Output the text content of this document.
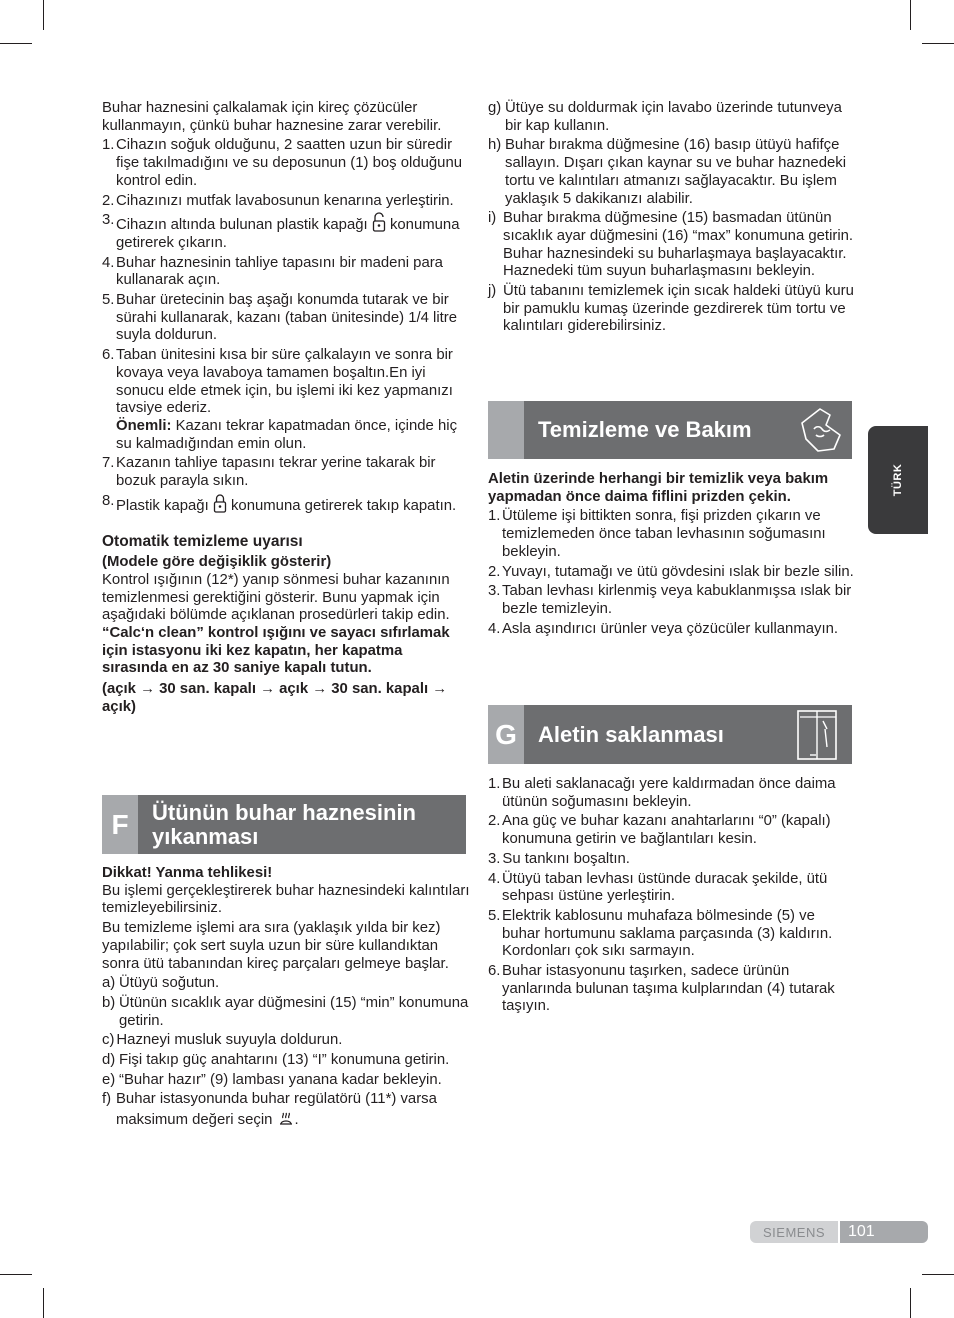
Buhar haznesini çalkalamak için kireç çözücüler kullanmayın, çünkü buhar haznesine zarar verebilir.

1. Cihazın soğuk olduğunu, 2 saatten uzun bir süredir fişe takılmadığını ve su deposunun (1) boş olduğunu kontrol edin.
2. Cihazınızı mutfak lavabosunun kenarına yerleştirin.
3. Cihazın altında bulunan plastik kapağı konumuna getirerek çıkarın.
4. Buhar haznesinin tahliye tapasını bir madeni para kullanarak açın.
5. Buhar üretecinin baş aşağı konumda tutarak ve bir sürahi kullanarak, kazanı (taban ünitesinde) 1/4 litre suyla doldurun.
6. Taban ünitesini kısa bir süre çalkalayın ve sonra bir kovaya veya lavaboya tamamen boşaltın.En iyi sonucu elde etmek için, bu işlemi iki kez yapmanızı tavsiye ederiz.
Önemli: Kazanı tekrar kapatmadan önce, içinde hiç su kalmadığından emin olun.
7. Kazanın tahliye tapasını tekrar yerine takarak bir bozuk parayla sıkın.
8. Plastik kapağı konumuna getirerek takıp kapatın.

Otomatik temizleme uyarısı

(Modele göre değişiklik gösterir)

Kontrol ışığının (12*) yanıp sönmesi buhar kazanının temizlenmesi gerektiğini gösterir. Bunu yapmak için aşağıdaki bölümde açıklanan prosedürleri takip edin.

“Calc‘n clean” kontrol ışığını ve sayacı sıfırlamak için istasyonu iki kez kapatın, her kapatma sırasında en az 30 saniye kapalı tutun.

(açık → 30 san. kapalı → açık → 30 san. kapalı → açık)

F	Ütünün buhar haznesinin yıkanması

Dikkat! Yanma tehlikesi!

Bu işlemi gerçekleştirerek buhar haznesindeki kalıntıları temizleyebilirsiniz.

Bu temizleme işlemi ara sıra (yaklaşık yılda bir kez) yapılabilir; çok sert suyla uzun bir süre kullandıktan sonra ütü tabanından kireç parçaları gelmeye başlar.

a) Ütüyü soğutun.
b) Ütünün sıcaklık ayar düğmesini (15) “min” konumuna getirin.
c) Hazneyi musluk suyuyla doldurun.
d) Fişi takıp güç anahtarını (13) “I” konumuna getirin.
e) “Buhar hazır” (9) lambası yanana kadar bekleyin.
f) Buhar istasyonunda buhar regülatörü (11*) varsa maksimum değeri seçin .
g) Ütüye su doldurmak için lavabo üzerinde tutunveya bir kap kullanın.
h) Buhar bırakma düğmesine (16) basıp ütüyü hafifçe sallayın. Dışarı çıkan kaynar su ve buhar haznedeki tortu ve kalıntıları atmanızı sağlayacaktır. Bu işlem yaklaşık 5 dakikanızı alabilir.
i) Buhar bırakma düğmesine (15) basmadan ütünün sıcaklık ayar düğmesini (16) “max” konumuna getirin. Buhar haznesindeki su buharlaşmaya başlayacaktır. Haznedeki tüm suyun buharlaşmasını bekleyin.
j) Ütü tabanını temizlemek için sıcak haldeki ütüyü kuru bir pamuklu kumaş üzerinde gezdirerek tüm tortu ve kalıntıları giderebilirsiniz.
Temizleme ve Bakım

Aletin üzerinde herhangi bir temizlik veya bakım yapmadan önce daima fiflini prizden çekin.

1. Ütüleme işi bittikten sonra, fişi prizden çıkarın ve temizlemeden önce taban levhasının soğumasını bekleyin.
2. Yuvayı, tutamağı ve ütü gövdesini ıslak bir bezle silin.
3. Taban levhası kirlenmiş veya kabuklanmışsa ıslak bir bezle temizleyin.
4. Asla aşındırıcı ürünler veya çözücüler kullanmayın.
G Aletin saklanması
1. Bu aleti saklanacağı yere kaldırmadan önce daima ütünün soğumasını bekleyin.
2. Ana güç ve buhar kazanı anahtarlarını “0” (kapalı) konumuna getirin ve bağlantıları kesin.
3. Su tankını boşaltın.
4. Ütüyü taban levhası üstünde duracak şekilde, ütü sehpası üstüne yerleştirin.
5. Elektrik kablosunu muhafaza bölmesinde (5) ve buhar hortumunu saklama parçasında (3) kaldırın. Kordonları çok sıkı sarmayın.
6. Buhar istasyonunu taşırken, sadece ürünün yanlarında bulunan taşıma kulplarından (4) tutarak taşıyın.
TÜRK
SIEMENS	101
